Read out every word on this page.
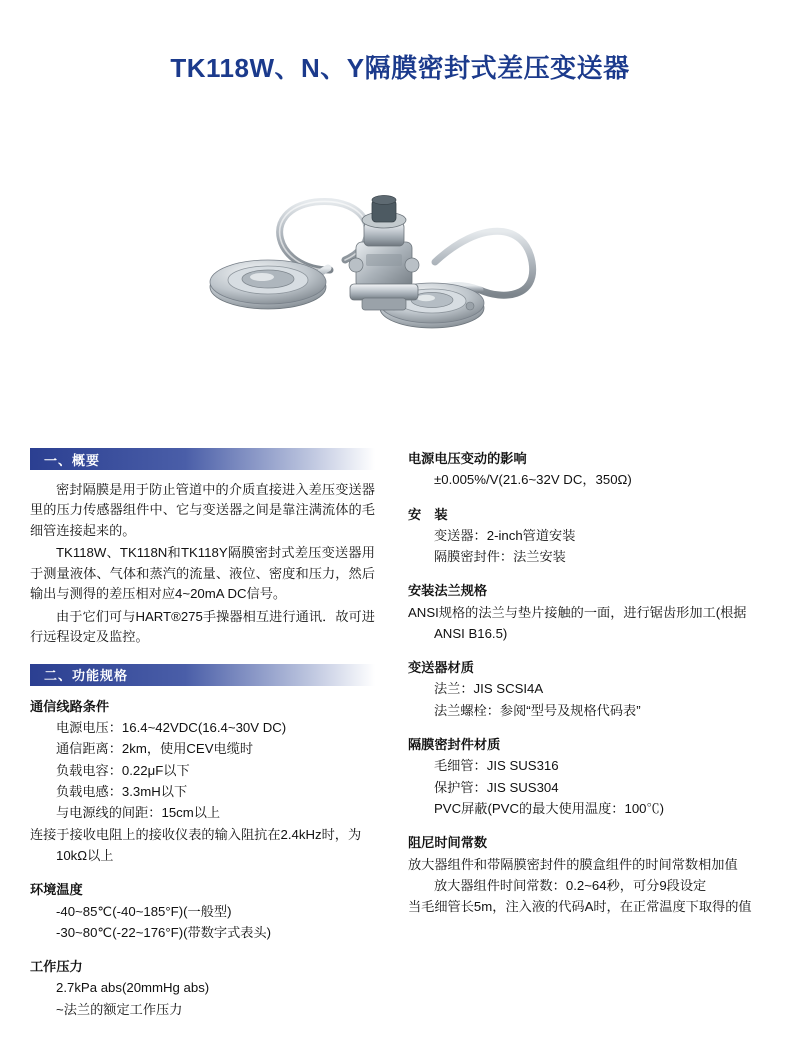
TK118W、N、Y隔膜密封式差压变送器
一、概要

密封隔膜是用于防止管道中的介质直接进入差压变送器里的压力传感器组件中、它与变送器之间是靠注满流体的毛细管连接起来的。

TK118W、TK118N和TK118Y隔膜密封式差压变送器用于测量液体、气体和蒸汽的流量、液位、密度和压力，然后输出与测得的差压相对应4~20mA DC信号。

由于它们可与HART®275手操器相互进行通讯．故可进行远程设定及监控。

二、功能规格

通信线路条件

电源电压：16.4~42VDC(16.4~30V DC)

通信距离：2km，使用CEV电缆时

负载电容：0.22μF以下

负载电感：3.3mH以下

与电源线的间距：15cm以上

连接于接收电阻上的接收仪表的输入阻抗在2.4kHz时，为10kΩ以上

环境温度

-40~85℃(-40~185°F)(一般型)

-30~80℃(-22~176°F)(带数字式表头)

工作压力

2.7kPa abs(20mmHg abs)

~法兰的额定工作压力

电源电压变动的影响

±0.005%/V(21.6~32V DC，350Ω)

安　装

变送器：2-inch管道安装

隔膜密封件：法兰安装

安装法兰规格

ANSI规格的法兰与垫片接触的一面，进行锯齿形加工(根据ANSI B16.5)

变送器材质

法兰：JIS SCSI4A

法兰螺栓：参阅“型号及规格代码表”

隔膜密封件材质

毛细管：JIS SUS316

保护管：JIS SUS304

PVC屏蔽(PVC的最大使用温度：100℃)

阻尼时间常数

放大器组件和带隔膜密封件的膜盒组件的时间常数相加值

放大器组件时间常数：0.2~64秒，可分9段设定

当毛细管长5m，注入液的代码A时，在正常温度下取得的值
